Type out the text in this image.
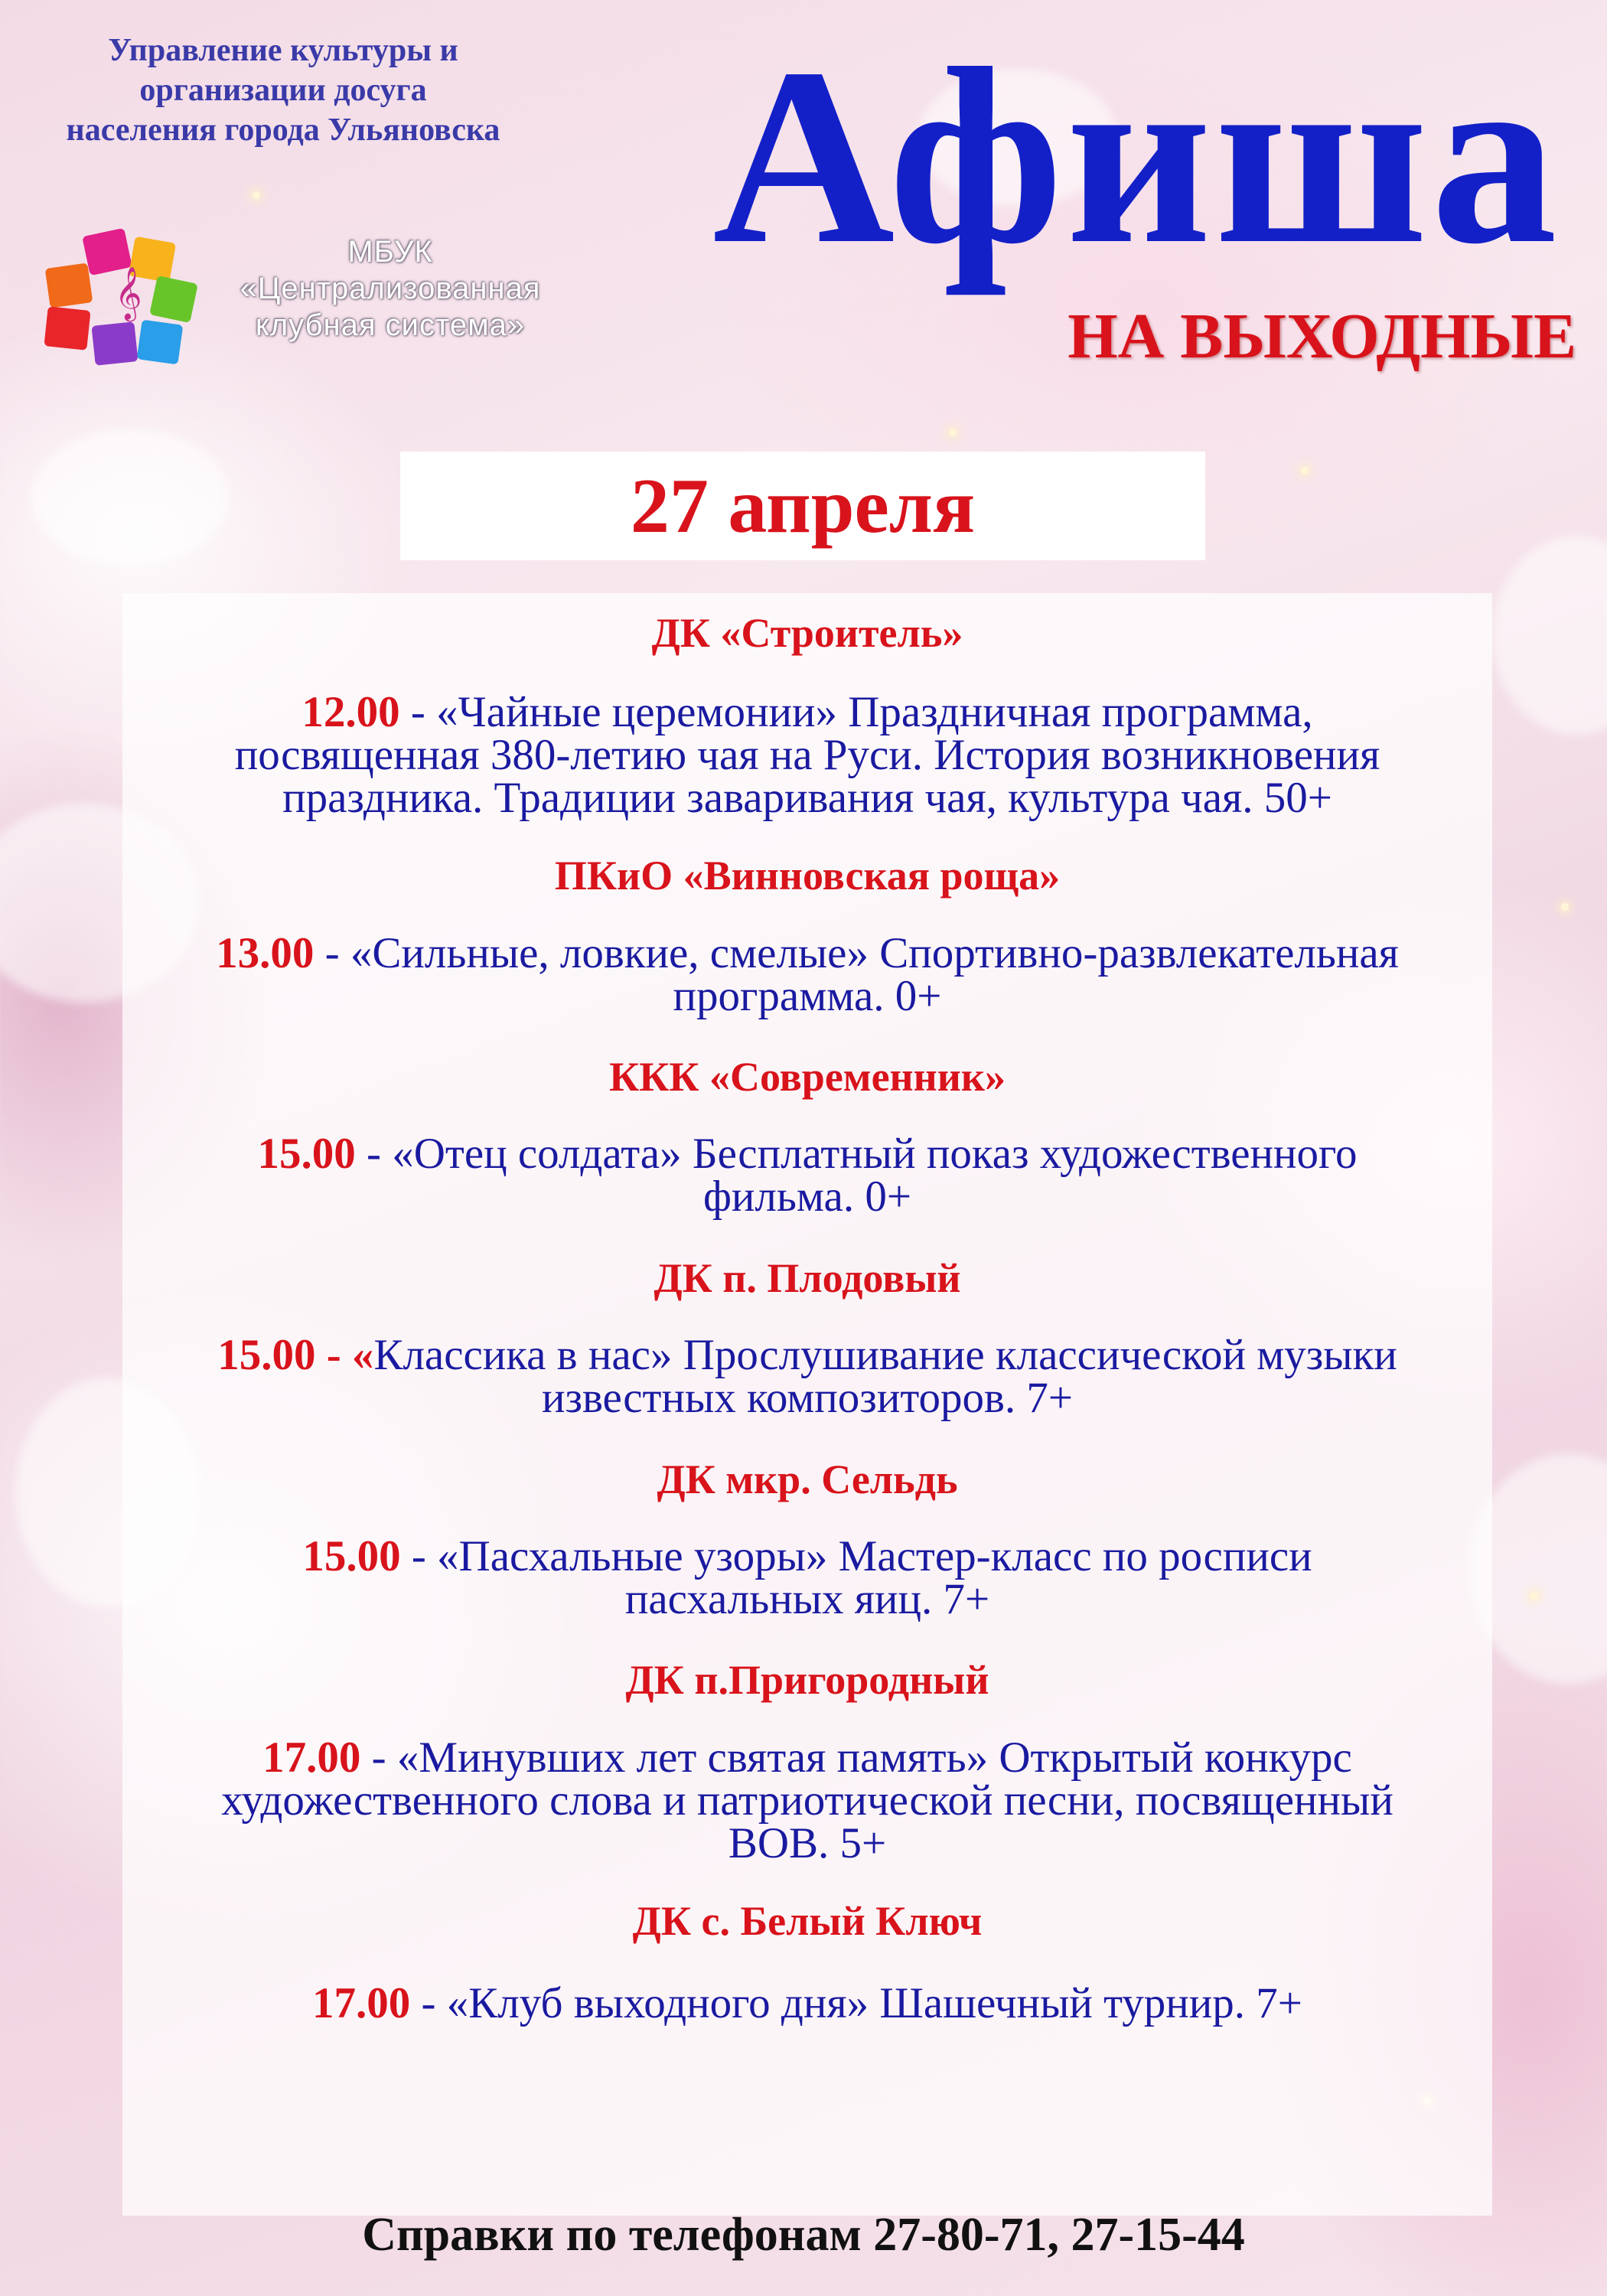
Управление культуры и
организации досуга
населения города Ульяновска
𝄞
МБУК
«Централизованная
клубная система»
Афиша
НА ВЫХОДНЫЕ
27 апреля
ДК «Строитель»
12.00 - «Чайные церемонии» Праздничная программа,
посвященная 380-летию чая на Руси. История возникновения
праздника. Традиции заваривания чая, культура чая. 50+
ПКиО «Винновская роща»
13.00 - «Сильные, ловкие, смелые» Спортивно-развлекательная
программа. 0+
ККК «Современник»
15.00 - «Отец солдата» Бесплатный показ художественного
фильма. 0+
ДК п. Плодовый
15.00 - «Классика в нас» Прослушивание классической музыки
известных композиторов. 7+
ДК мкр. Сельдь
15.00 - «Пасхальные узоры» Мастер-класс по росписи
пасхальных яиц. 7+
ДК п.Пригородный
17.00 - «Минувших лет святая память» Открытый конкурс
художественного слова и патриотической песни, посвященный
ВОВ. 5+
ДК с. Белый Ключ
17.00 - «Клуб выходного дня» Шашечный турнир. 7+
Справки по телефонам 27-80-71, 27-15-44
